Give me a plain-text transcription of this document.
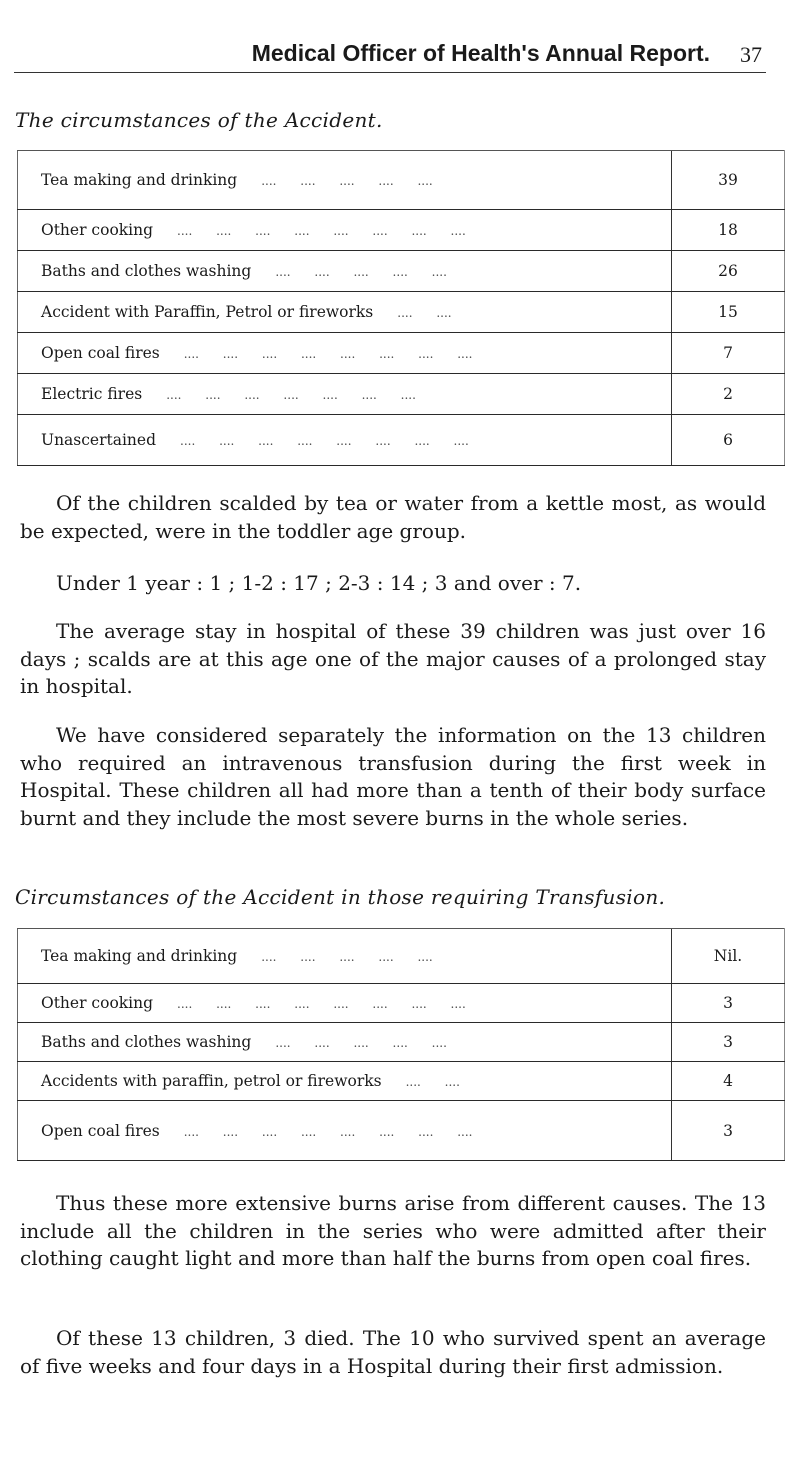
Medical Officer of Health's Annual Report. 37
The circumstances of the Accident.
Tea making and drinking .... .... .... .... ....	39
Other cooking .... .... .... .... .... .... .... ....	18
Baths and clothes washing .... .... .... .... ....	26
Accident with Paraffin, Petrol or fireworks .... ....	15
Open coal fires .... .... .... .... .... .... .... ....	7
Electric fires .... .... .... .... .... .... ....	2
Unascertained .... .... .... .... .... .... .... ....	6

Of the children scalded by tea or water from a kettle most, as would be expected, were in the toddler age group.

Under 1 year : 1 ; 1-2 : 17 ; 2-3 : 14 ; 3 and over : 7.

The average stay in hospital of these 39 children was just over 16 days ; scalds are at this age one of the major causes of a prolonged stay in hospital.

We have considered separately the information on the 13 children who required an intravenous transfusion during the first week in Hospital. These children all had more than a tenth of their body surface burnt and they include the most severe burns in the whole series.

Circumstances of the Accident in those requiring Transfusion.
Tea making and drinking .... .... .... .... ....	Nil.
Other cooking .... .... .... .... .... .... .... ....	3
Baths and clothes washing .... .... .... .... ....	3
Accidents with paraffin, petrol or fireworks .... ....	4
Open coal fires .... .... .... .... .... .... .... ....	3

Thus these more extensive burns arise from different causes. The 13 include all the children in the series who were admitted after their clothing caught light and more than half the burns from open coal fires.

Of these 13 children, 3 died. The 10 who survived spent an average of five weeks and four days in a Hospital during their first admission.
